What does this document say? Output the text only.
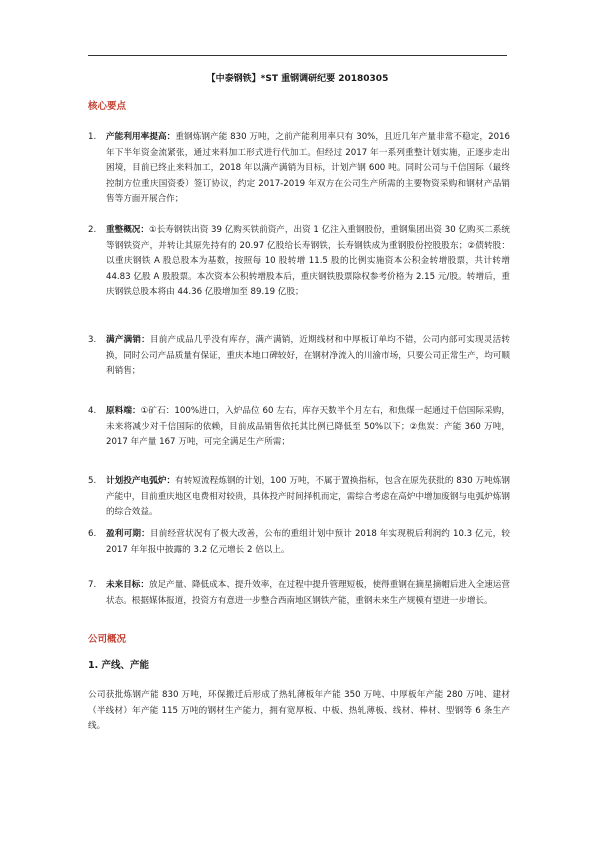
【中泰钢铁】*ST 重钢调研纪要 20180305
核心要点
1.	产能利用率提高：重钢炼钢产能 830 万吨，之前产能利用率只有 30%，且近几年产量非常不稳定，2016 年下半年资金流紧张，通过来料加工形式进行代加工。但经过 2017 年一系列重整计划实施，正逐步走出困境，目前已终止来料加工，2018 年以满产满销为目标，计划产钢 600 吨。同时公司与千信国际（最终控制方位重庆国资委）签订协议，约定 2017-2019 年双方在公司生产所需的主要物资采购和钢材产品销售等方面开展合作；
2.	重整概况：①长寿钢铁出资 39 亿购买铁前资产，出资 1 亿注入重钢股份，重钢集团出资 30 亿购买二系统等钢铁资产，并转让其原先持有的 20.97 亿股给长寿钢铁，长寿钢铁成为重钢股份控股股东；②债转股：以重庆钢铁 A 股总股本为基数，按照每 10 股转增 11.5 股的比例实施资本公积金转增股票，共计转增 44.83 亿股 A 股股票。本次资本公积转增股本后，重庆钢铁股票除权参考价格为 2.15 元/股。转增后，重庆钢铁总股本将由 44.36 亿股增加至 89.19 亿股；
3.	满产满销：目前产成品几乎没有库存，满产满销，近期线材和中厚板订单均不错，公司内部可实现灵活转换，同时公司产品质量有保证，重庆本地口碑较好，在钢材净流入的川渝市场，只要公司正常生产，均可顺利销售；
4.	原料端：①矿石：100%进口，入炉品位 60 左右，库存天数半个月左右，和焦煤一起通过千信国际采购，未来将减少对千信国际的依赖，目前成品销售依托其比例已降低至 50%以下；②焦炭：产能 360 万吨，2017 年产量 167 万吨，可完全满足生产所需；
5.	计划投产电弧炉：有转短流程炼钢的计划，100 万吨，不属于置换指标，包含在原先获批的 830 万吨炼钢产能中，目前重庆地区电费相对较贵，具体投产时间择机而定，需综合考虑在高炉中增加废钢与电弧炉炼钢的综合效益。
6.	盈利可期：目前经营状况有了极大改善，公布的重组计划中预计 2018 年实现税后利润约 10.3 亿元，较 2017 年年报中披露的 3.2 亿元增长 2 倍以上。
7.	未来目标：放足产量、降低成本、提升效率，在过程中提升管理短板，使得重钢在摘星摘帽后进入全速运营状态。根据媒体报道，投资方有意进一步整合西南地区钢铁产能，重钢未来生产规模有望进一步增长。
公司概况
1. 产线、产能
公司获批炼钢产能 830 万吨，环保搬迁后形成了热轧薄板年产能 350 万吨、中厚板年产能 280 万吨、建材（半线材）年产能 115 万吨的钢材生产能力，拥有宽厚板、中板、热轧薄板、线材、棒材、型钢等 6 条生产线。
